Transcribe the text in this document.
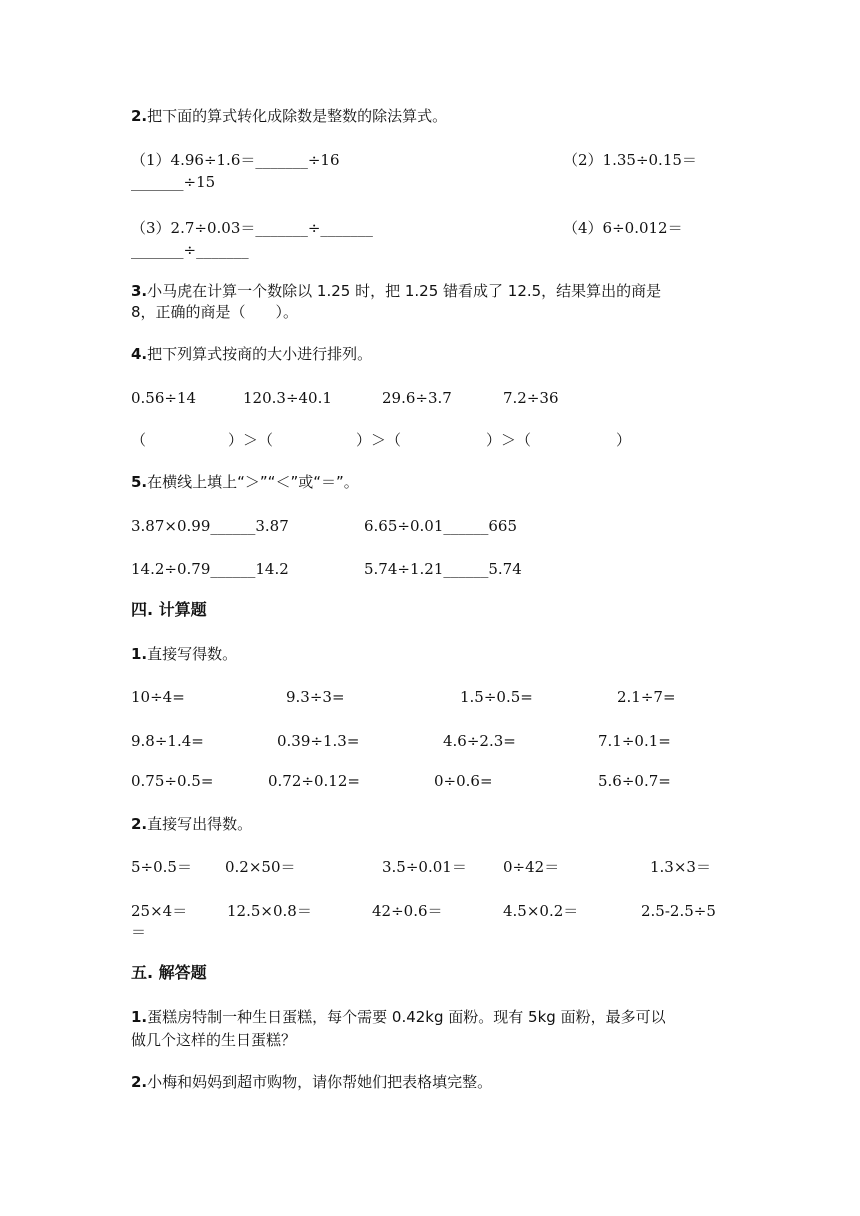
2.把下面的算式转化成除数是整数的除法算式。
（1）4.96÷1.6＝_______÷16	（2）1.35÷0.15＝
_______÷15
（3）2.7÷0.03＝_______÷_______	（4）6÷0.012＝
_______÷_______
3.小马虎在计算一个数除以 1.25 时，把 1.25 错看成了 12.5，结果算出的商是
8，正确的商是（　　）。
4.把下列算式按商的大小进行排列。
0.56÷14	120.3÷40.1	29.6÷3.7	7.2÷36
（	）＞（	）＞（	）＞（	）
5.在横线上填上“＞”“＜”或“＝”。
3.87×0.99______3.87	6.65÷0.01______665
14.2÷0.79______14.2	5.74÷1.21______5.74
四. 计算题
1.直接写得数。
10÷4=	9.3÷3=	1.5÷0.5=	2.1÷7=
9.8÷1.4=	0.39÷1.3=	4.6÷2.3=	7.1÷0.1=
0.75÷0.5=	0.72÷0.12=	0÷0.6=	5.6÷0.7=
2.直接写出得数。
5÷0.5＝ 0.2×50＝	3.5÷0.01＝ 0÷42＝	1.3×3＝
25×4＝	12.5×0.8＝	42÷0.6＝	4.5×0.2＝	2.5-2.5÷5
＝
五. 解答题
1.蛋糕房特制一种生日蛋糕，每个需要 0.42kg 面粉。现有 5kg 面粉，最多可以
做几个这样的生日蛋糕？
2.小梅和妈妈到超市购物，请你帮她们把表格填完整。
